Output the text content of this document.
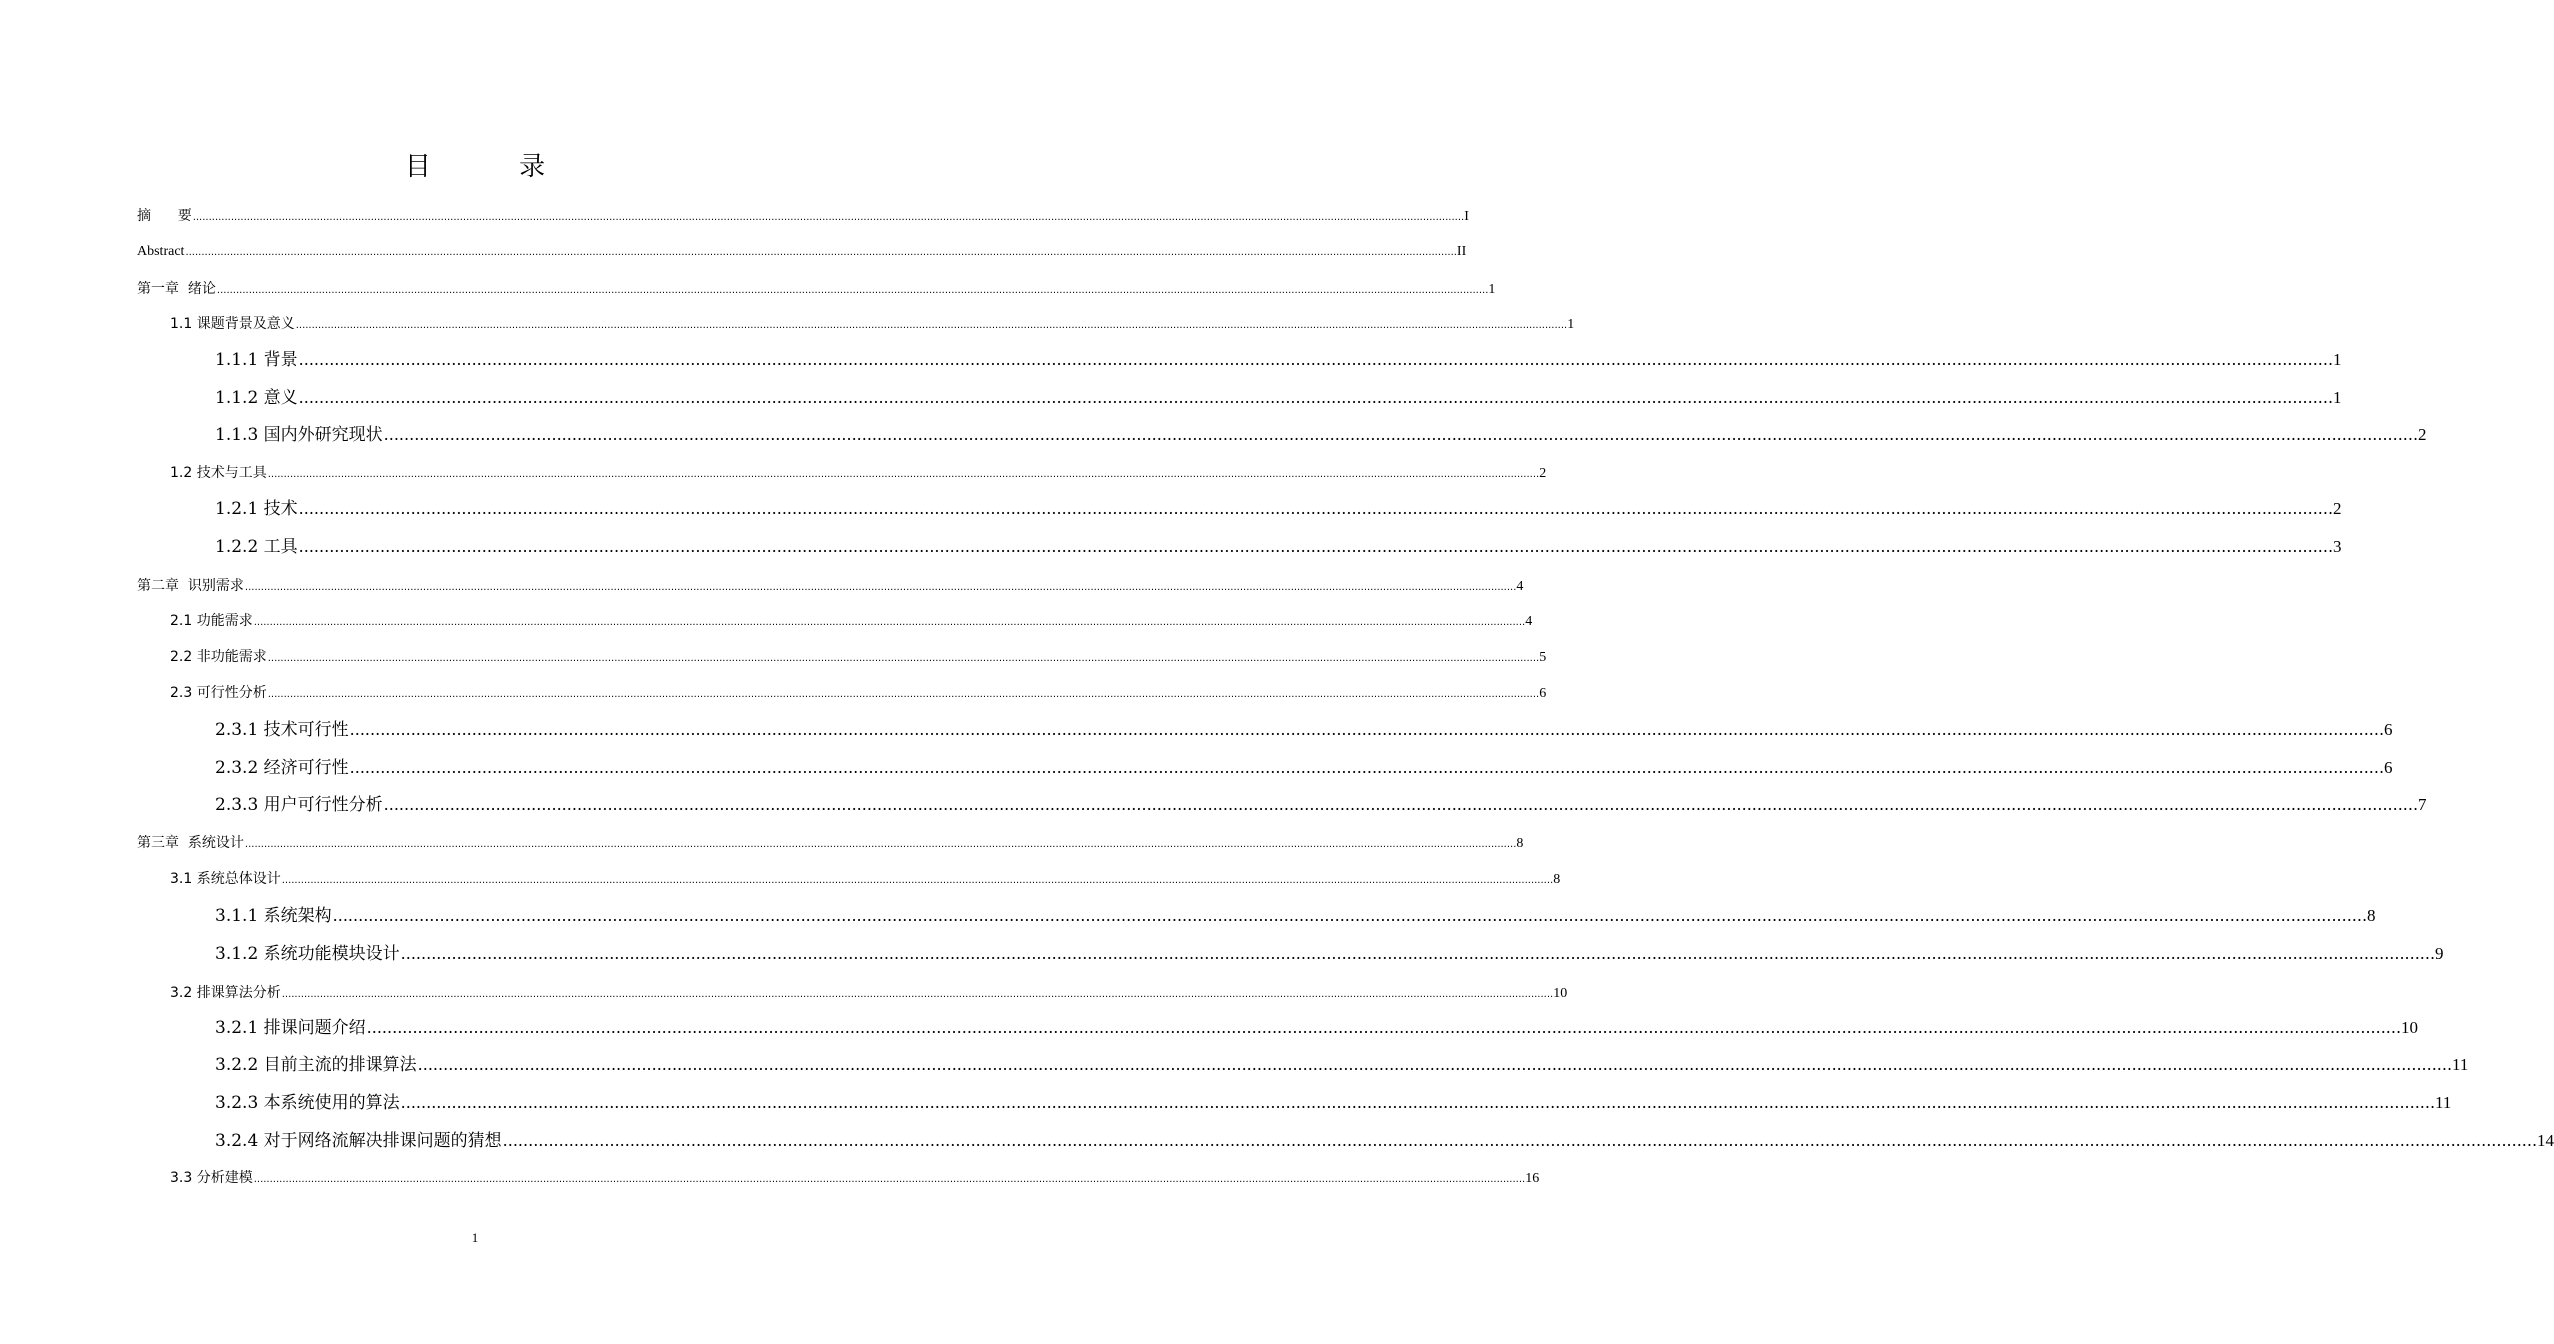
目 录
摘      要 ................................................................................................................................................................................................................................................................................................................................................................................................................ I
Abstract ................................................................................................................................................................................................................................................................................................................................................................................................................ II
第一章  绪论 ................................................................................................................................................................................................................................................................................................................................................................................................................ 1
1.1 课题背景及意义 ................................................................................................................................................................................................................................................................................................................................................................................................................ 1
1.1.1 背景 ................................................................................................................................................................................................................................................................................................................................................................................................................ 1
1.1.2 意义 ................................................................................................................................................................................................................................................................................................................................................................................................................ 1
1.1.3 国内外研究现状 ................................................................................................................................................................................................................................................................................................................................................................................................................ 2
1.2 技术与工具 ................................................................................................................................................................................................................................................................................................................................................................................................................ 2
1.2.1 技术 ................................................................................................................................................................................................................................................................................................................................................................................................................ 2
1.2.2 工具 ................................................................................................................................................................................................................................................................................................................................................................................................................ 3
第二章  识别需求 ................................................................................................................................................................................................................................................................................................................................................................................................................ 4
2.1 功能需求 ................................................................................................................................................................................................................................................................................................................................................................................................................ 4
2.2 非功能需求 ................................................................................................................................................................................................................................................................................................................................................................................................................ 5
2.3 可行性分析 ................................................................................................................................................................................................................................................................................................................................................................................................................ 6
2.3.1 技术可行性 ................................................................................................................................................................................................................................................................................................................................................................................................................ 6
2.3.2 经济可行性 ................................................................................................................................................................................................................................................................................................................................................................................................................ 6
2.3.3 用户可行性分析 ................................................................................................................................................................................................................................................................................................................................................................................................................ 7
第三章  系统设计 ................................................................................................................................................................................................................................................................................................................................................................................................................ 8
3.1 系统总体设计 ................................................................................................................................................................................................................................................................................................................................................................................................................ 8
3.1.1 系统架构 ................................................................................................................................................................................................................................................................................................................................................................................................................ 8
3.1.2 系统功能模块设计 ................................................................................................................................................................................................................................................................................................................................................................................................................ 9
3.2 排课算法分析 ................................................................................................................................................................................................................................................................................................................................................................................................................ 10
3.2.1 排课问题介绍 ................................................................................................................................................................................................................................................................................................................................................................................................................ 10
3.2.2 目前主流的排课算法 ................................................................................................................................................................................................................................................................................................................................................................................................................ 11
3.2.3 本系统使用的算法 ................................................................................................................................................................................................................................................................................................................................................................................................................ 11
3.2.4 对于网络流解决排课问题的猜想 ................................................................................................................................................................................................................................................................................................................................................................................................................ 14
3.3 分析建模 ................................................................................................................................................................................................................................................................................................................................................................................................................ 16
1
